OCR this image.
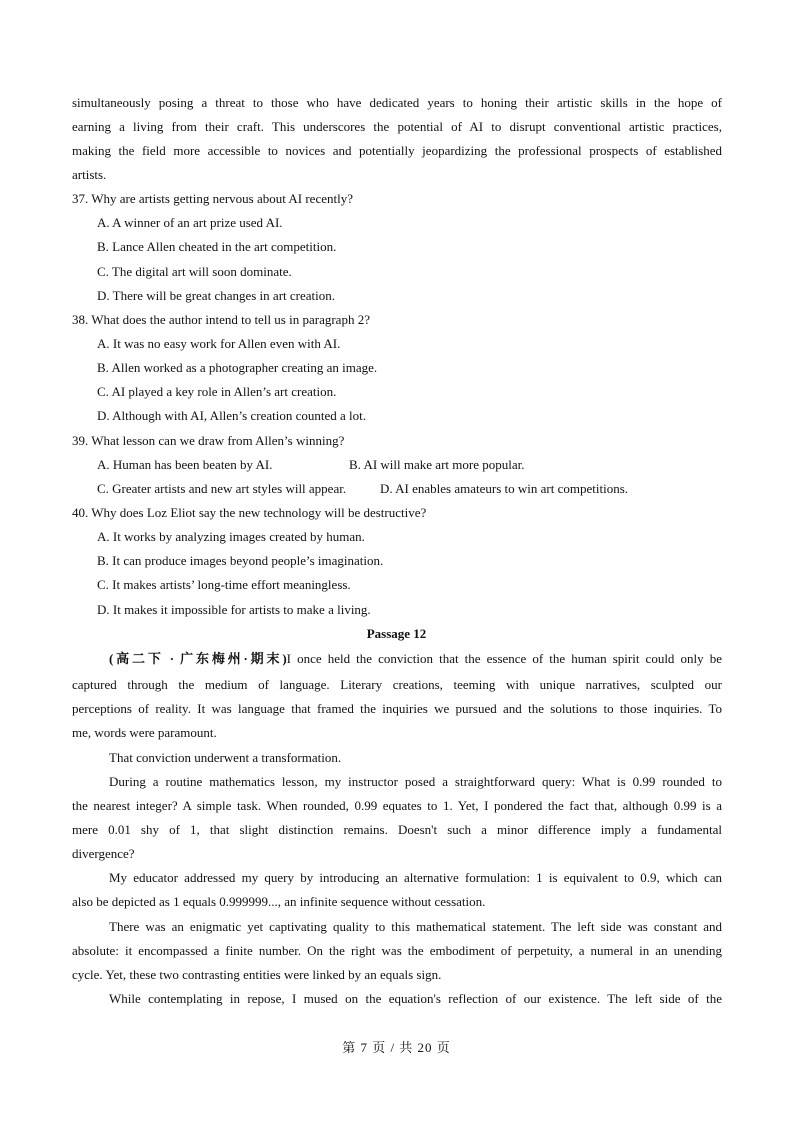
simultaneously posing a threat to those who have dedicated years to honing their artistic skills in the hope of
earning a living from their craft. This underscores the potential of AI to disrupt conventional artistic practices,
making the field more accessible to novices and potentially jeopardizing the professional prospects of established
artists.
37. Why are artists getting nervous about AI recently?
A. A winner of an art prize used AI.
B. Lance Allen cheated in the art competition.
C. The digital art will soon dominate.
D. There will be great changes in art creation.
38. What does the author intend to tell us in paragraph 2?
A. It was no easy work for Allen even with AI.
B. Allen worked as a photographer creating an image.
C. AI played a key role in Allen’s art creation.
D. Although with AI, Allen’s creation counted a lot.
39. What lesson can we draw from Allen’s winning?
A. Human has been beaten by AI.	B. AI will make art more popular.
C. Greater artists and new art styles will appear.	D. AI enables amateurs to win art competitions.
40. Why does Loz Eliot say the new technology will be destructive?
A. It works by analyzing images created by human.
B. It can produce images beyond people’s imagination.
C. It makes artists’ long-time effort meaningless.
D. It makes it impossible for artists to make a living.
Passage 12
(高二下 · 广东梅州·期末)I once held the conviction that the essence of the human spirit could only be
captured through the medium of language. Literary creations, teeming with unique narratives, sculpted our
perceptions of reality. It was language that framed the inquiries we pursued and the solutions to those inquiries. To
me, words were paramount.
That conviction underwent a transformation.
During a routine mathematics lesson, my instructor posed a straightforward query: What is 0.99 rounded to
the nearest integer? A simple task. When rounded, 0.99 equates to 1. Yet, I pondered the fact that, although 0.99 is a
mere 0.01 shy of 1, that slight distinction remains. Doesn't such a minor difference imply a fundamental
divergence?
My educator addressed my query by introducing an alternative formulation: 1 is equivalent to 0.9, which can
also be depicted as 1 equals 0.999999..., an infinite sequence without cessation.
There was an enigmatic yet captivating quality to this mathematical statement. The left side was constant and
absolute: it encompassed a finite number. On the right was the embodiment of perpetuity, a numeral in an unending
cycle. Yet, these two contrasting entities were linked by an equals sign.
While contemplating in repose, I mused on the equation's reflection of our existence. The left side of the
第 7 页 / 共 20 页
